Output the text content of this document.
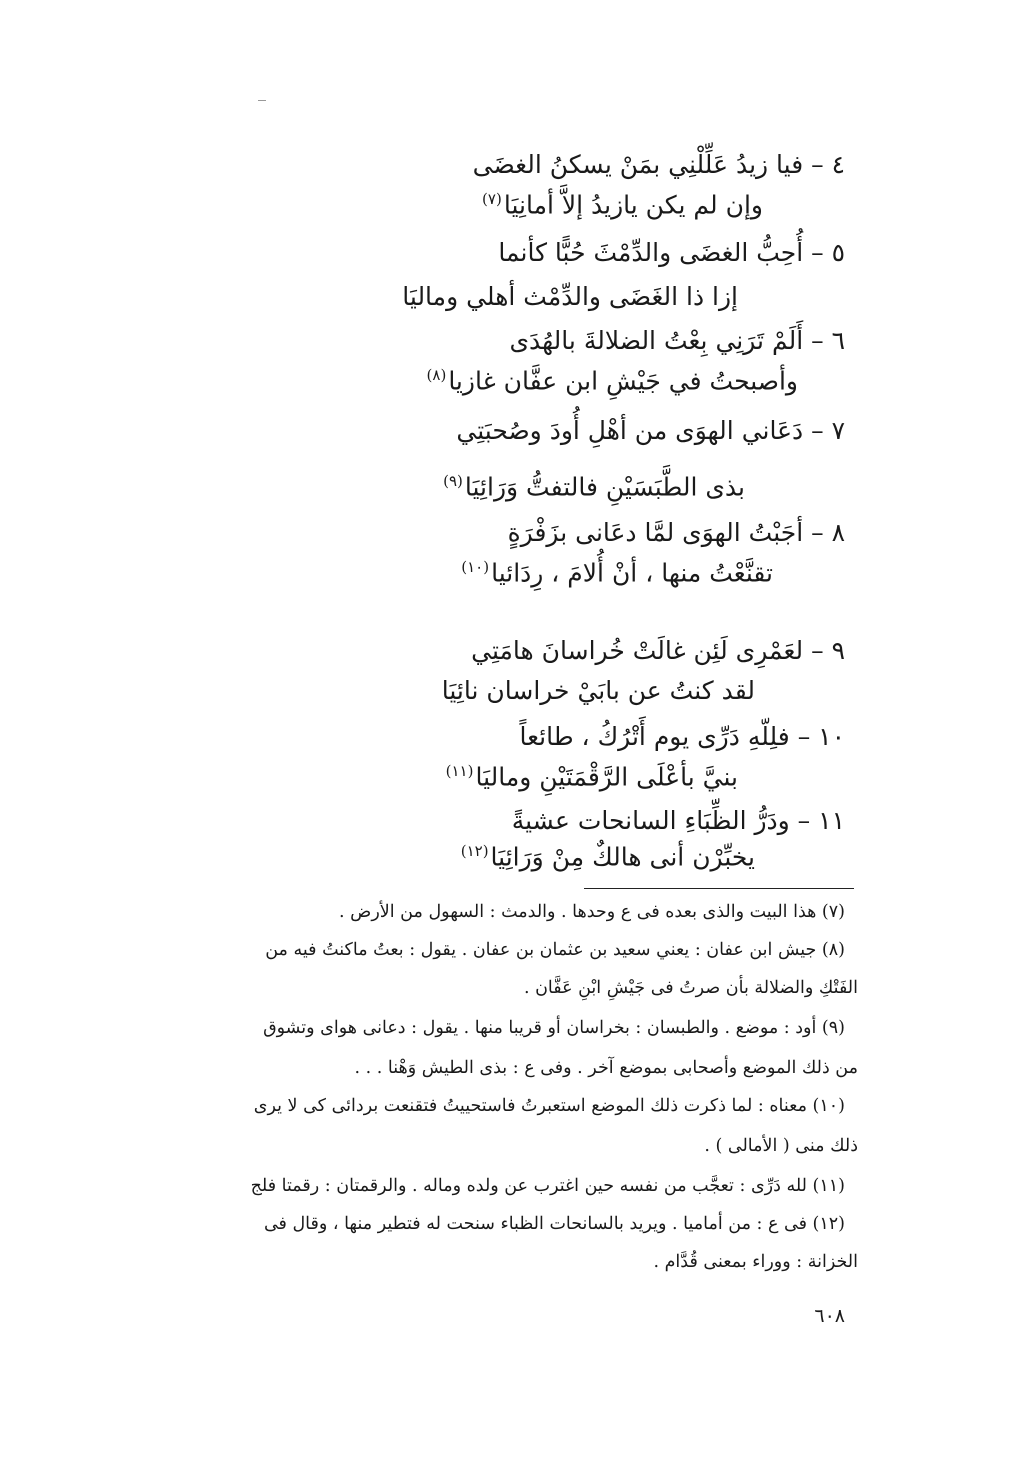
٤ – فيا زيدُ عَلِّلْنِي بمَنْ يسكنُ الغضَى
وإن لم يكن يازيدُ إلاَّ أمانِيَا$^{(٧)}$
٥ – أُحِبُّ الغضَى والدِّمْثَ حُبًّا كأنما
إزا ذا الغَضَى والدِّمْث أهلي وماليَا
٦ – أَلَمْ تَرَنِي بِعْتُ الضلالةَ بالهُدَى
وأصبحتُ في جَيْشِ ابن عفَّان غازيا$^{(٨)}$
٧ – دَعَاني الهوَى من أهْلِ أُودَ وصُحبَتِي
بذى الطَّبَسَيْنِ فالتفتُّ وَرَائِيَا$^{(٩)}$
٨ – أجَبْتُ الهوَى لمَّا دعَانى بزَفْرَةٍ
تقنَّعْتُ منها ، أنْ أُلامَ ، رِدَائيا$^{(١٠)}$
٩ – لعَمْرِى لَئِن غالَتْ خُراسانَ هامَتِي
لقد كنتُ عن بابَيْ خراسان نائِيَا
١٠ – فلِلّهِ دَرِّى يوم أَتْرُكُ ، طائعاً
بنيَّ بأعْلَى الرَّقْمَتَيْنِ وماليَا$^{(١١)}$
١١ – ودَرُّ الظِّبَاءِ السانحات عشيةً
يخبِّرْن أنى هالكٌ مِنْ وَرَائِيَا$^{(١٢)}$
(٧) هذا البيت والذى بعده فى ع وحدها . والدمث : السهول من الأرض .
(٨) جيش ابن عفان : يعني سعيد بن عثمان بن عفان . يقول : بعتُ ماكنتُ فيه من
الفَتْكِ والضلالة بأن صرتُ فى جَيْشِ ابْنِ عَفَّان .
(٩) أود : موضع . والطبسان : بخراسان أو قريبا منها . يقول : دعانى هواى وتشوق
من ذلك الموضع وأصحابى بموضع آخر . وفى ع : بذى الطيش وَهْنا . . .
(١٠) معناه : لما ذكرت ذلك الموضع استعبرتُ فاستحييتُ فتقنعت بردائى كى لا يرى
ذلك منى ( الأمالى ) .
(١١) لله دَرِّى : تعجَّب من نفسه حين اغترب عن ولده وماله . والرقمتان : رقمتا فلج
(١٢) فى ع : من أماميا . ويريد بالسانحات الظباء سنحت له فتطير منها ، وقال فى
الخزانة : ووراء بمعنى قُدَّام .
٦٠٨
